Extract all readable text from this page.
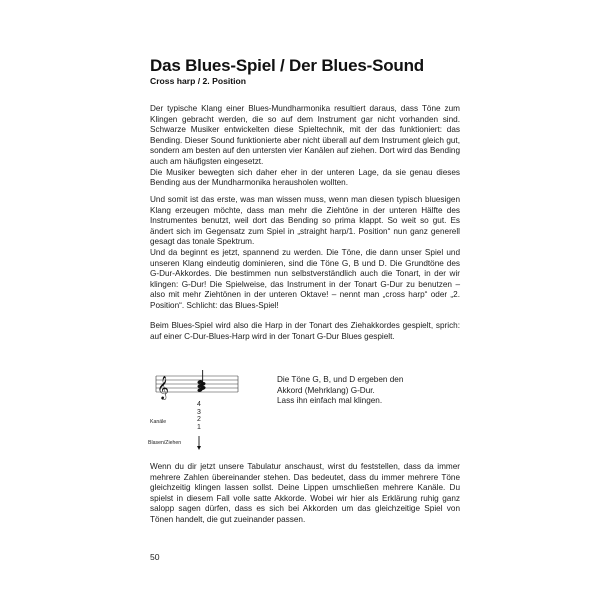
Das Blues-Spiel / Der Blues-Sound
Cross harp / 2. Position

Der typische Klang einer Blues-Mundharmonika resultiert daraus, dass Töne zum Klingen gebracht werden, die so auf dem Instrument gar nicht vorhanden sind. Schwarze Musiker entwickelten diese Spieltechnik, mit der das funktioniert: das Bending. Dieser Sound funktionierte aber nicht überall auf dem Instrument gleich gut, sondern am besten auf den untersten vier Kanälen auf ziehen. Dort wird das Bending auch am häufigsten eingesetzt.

Die Musiker bewegten sich daher eher in der unteren Lage, da sie genau dieses Bending aus der Mundharmonika herausholen wollten.

Und somit ist das erste, was man wissen muss, wenn man diesen typisch bluesigen Klang erzeugen möchte, dass man mehr die Ziehtöne in der unteren Hälfte des Instrumentes benutzt, weil dort das Bending so prima klappt. So weit so gut. Es ändert sich im Gegensatz zum Spiel in „straight harp/1. Position“ nun ganz generell gesagt das tonale Spektrum.

Und da beginnt es jetzt, spannend zu werden. Die Töne, die dann unser Spiel und unseren Klang eindeutig dominieren, sind die Töne G, B und D. Die Grundtöne des G-Dur-Akkordes. Die bestimmen nun selbstverständlich auch die Tonart, in der wir klingen: G-Dur! Die Spielweise, das Instrument in der Tonart G-Dur zu benutzen – also mit mehr Ziehtönen in der unteren Oktave! – nennt man „cross harp“ oder „2. Position“. Schlicht: das Blues-Spiel!

Beim Blues-Spiel wird also die Harp in der Tonart des Ziehakkordes gespielt, sprich: auf einer C-Dur-Blues-Harp wird in der Tonart G-Dur Blues gespielt.

𝄞
4
3
2
1

Kanäle

Blasen/Ziehen

Die Töne G, B, und D ergeben den
Akkord (Mehrklang) G-Dur.
Lass ihn einfach mal klingen.

Wenn du dir jetzt unsere Tabulatur anschaust, wirst du feststellen, dass da immer mehrere Zahlen übereinander stehen. Das bedeutet, dass du immer mehrere Töne gleichzeitig klingen lassen sollst. Deine Lippen umschließen mehrere Kanäle. Du spielst in diesem Fall volle satte Akkorde. Wobei wir hier als Erklärung ruhig ganz salopp sagen dürfen, dass es sich bei Akkorden um das gleichzeitige Spiel von Tönen handelt, die gut zueinander passen.

50
